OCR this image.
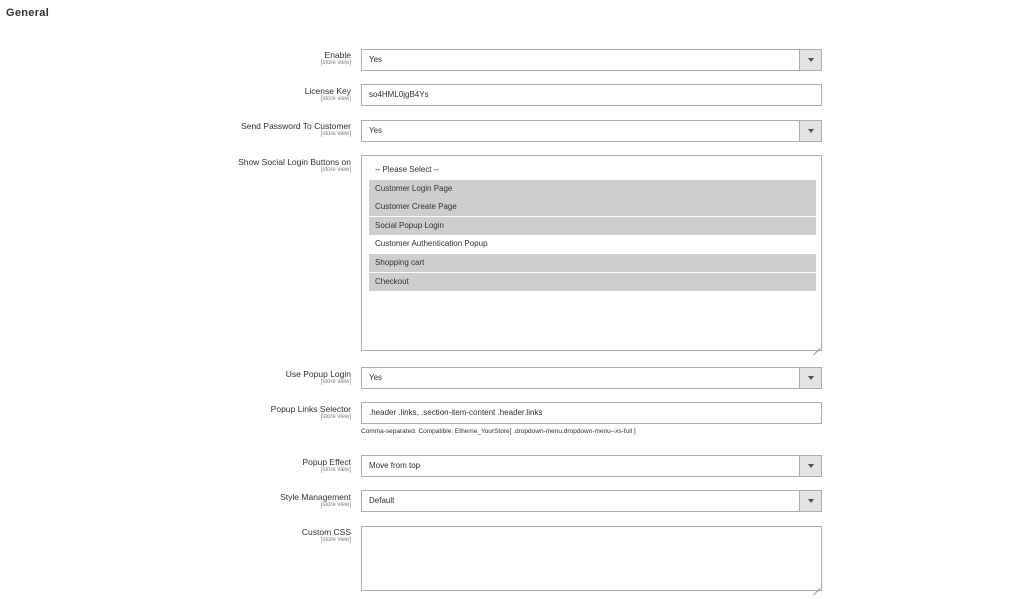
General
Enable
[store view] Yes
License Key
[store view] so4HML0jgB4Ys
Send Password To Customer
[store view] Yes
Show Social Login Buttons on
[store view]	-- Please Select --
Customer Login Page
Customer Create Page
Social Popup Login
Customer Authentication Popup
Shopping cart
Checkout
Use Popup Login
[store view] Yes
Popup Links Selector
[store view] .header .links, .section-item-content .header.links
Comma-separated. Compatible: Etheme_YourStore[ .dropdown-menu.dropdown-menu--xs-full ]
Popup Effect
[store view] Move from top
Style Management
[store view] Default
Custom CSS
[store view]
